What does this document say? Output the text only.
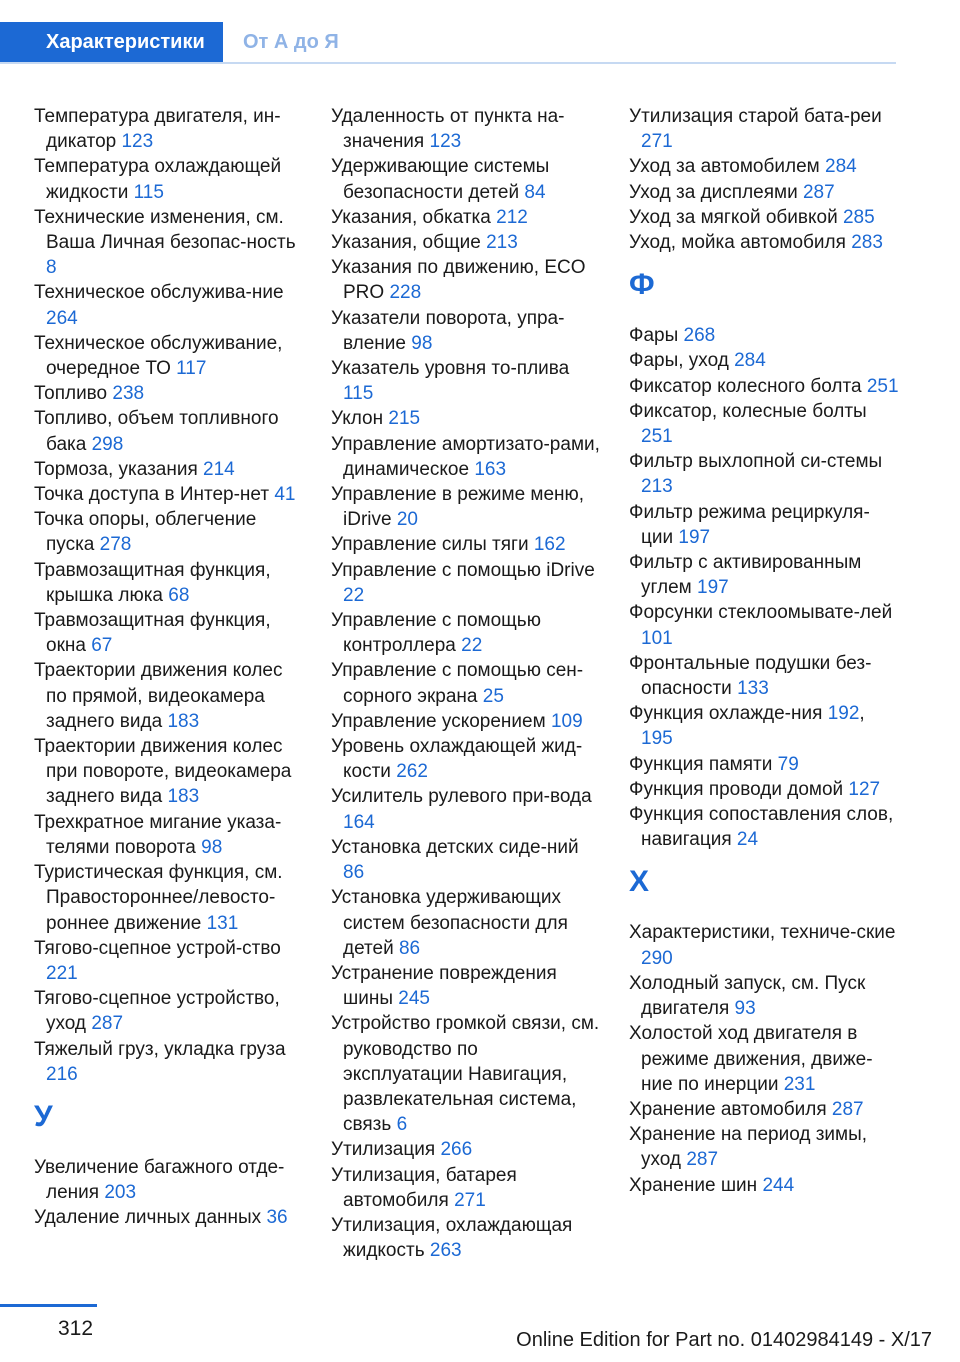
Характеристики	От А до Я
Температура двигателя, ин-дикатор 123
Температура охлаждающей жидкости 115
Технические изменения, см. Ваша Личная безопас-ность 8
Техническое обслужива-ние 264
Техническое обслуживание, очередное ТО 117
Топливо 238
Топливо, объем топливного бака 298
Тормоза, указания 214
Точка доступа в Интер-нет 41
Точка опоры, облегчение пуска 278
Травмозащитная функция, крышка люка 68
Травмозащитная функция, окна 67
Траектории движения колес по прямой, видеокамера заднего вида 183
Траектории движения колес при повороте, видеокамера заднего вида 183
Трехкратное мигание указа-телями поворота 98
Туристическая функция, см. Правостороннее/левосто-роннее движение 131
Тягово-сцепное устрой-ство 221
Тягово-сцепное устройство, уход 287
Тяжелый груз, укладка груза 216
У
Увеличение багажного отде-ления 203
Удаление личных данных 36
Удаленность от пункта на-значения 123
Удерживающие системы безопасности детей 84
Указания, обкатка 212
Указания, общие 213
Указания по движению, ECO PRO 228
Указатели поворота, упра-вление 98
Указатель уровня то-плива 115
Уклон 215
Управление амортизато-рами, динамическое 163
Управление в режиме меню, iDrive 20
Управление силы тяги 162
Управление с помощью iDrive 22
Управление с помощью контроллера 22
Управление с помощью сен-сорного экрана 25
Управление ускорением 109
Уровень охлаждающей жид-кости 262
Усилитель рулевого при-вода 164
Установка детских сиде-ний 86
Установка удерживающих систем безопасности для детей 86
Устранение повреждения шины 245
Устройство громкой связи, см. руководство по эксплуатации Навигация, развлекательная система, связь 6
Утилизация 266
Утилизация, батарея автомобиля 271
Утилизация, охлаждающая жидкость 263
Утилизация старой бата-реи 271
Уход за автомобилем 284
Уход за дисплеями 287
Уход за мягкой обивкой 285
Уход, мойка автомобиля 283
Ф
Фары 268
Фары, уход 284
Фиксатор колесного болта 251
Фиксатор, колесные болты 251
Фильтр выхлопной си-стемы 213
Фильтр режима рециркуля-ции 197
Фильтр с активированным углем 197
Форсунки стеклоомывате-лей 101
Фронтальные подушки без-опасности 133
Функция охлажде-ния 192, 195
Функция памяти 79
Функция проводи домой 127
Функция сопоставления слов, навигация 24
Х
Характеристики, техниче-ские 290
Холодный запуск, см. Пуск двигателя 93
Холостой ход двигателя в режиме движения, движе-ние по инерции 231
Хранение автомобиля 287
Хранение на период зимы, уход 287
Хранение шин 244
312	Online Edition for Part no. 01402984149 - X/17
